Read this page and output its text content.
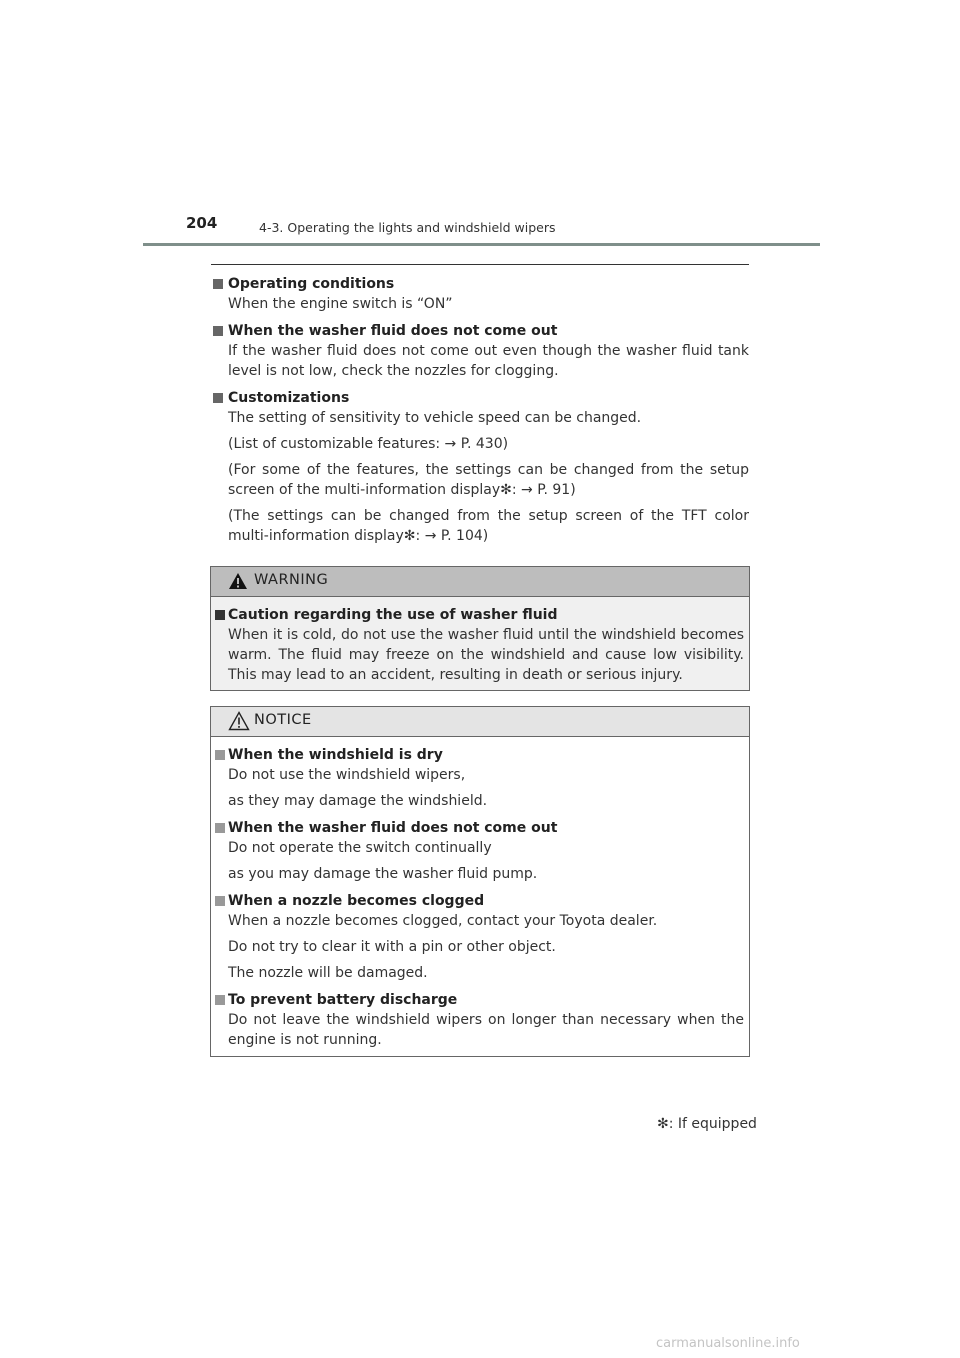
204	4-3. Operating the lights and windshield wipers
Operating conditions
When the engine switch is “ON”
When the washer fluid does not come out
If the washer fluid does not come out even though the washer fluid tank level is not low, check the nozzles for clogging.
Customizations
The setting of sensitivity to vehicle speed can be changed.
(List of customizable features: → P. 430)
(For some of the features, the settings can be changed from the setup screen of the multi-information display✻: → P. 91)
(The settings can be changed from the setup screen of the TFT color multi-information display✻: → P. 104)
WARNING
Caution regarding the use of washer fluid
When it is cold, do not use the washer fluid until the windshield becomes warm. The fluid may freeze on the windshield and cause low visibility. This may lead to an accident, resulting in death or serious injury.
NOTICE
When the windshield is dry
Do not use the windshield wipers,
as they may damage the windshield.
When the washer fluid does not come out
Do not operate the switch continually
as you may damage the washer fluid pump.
When a nozzle becomes clogged
When a nozzle becomes clogged, contact your Toyota dealer.
Do not try to clear it with a pin or other object.
The nozzle will be damaged.
To prevent battery discharge
Do not leave the windshield wipers on longer than necessary when the engine is not running.
✻: If equipped
carmanualsonline.info
